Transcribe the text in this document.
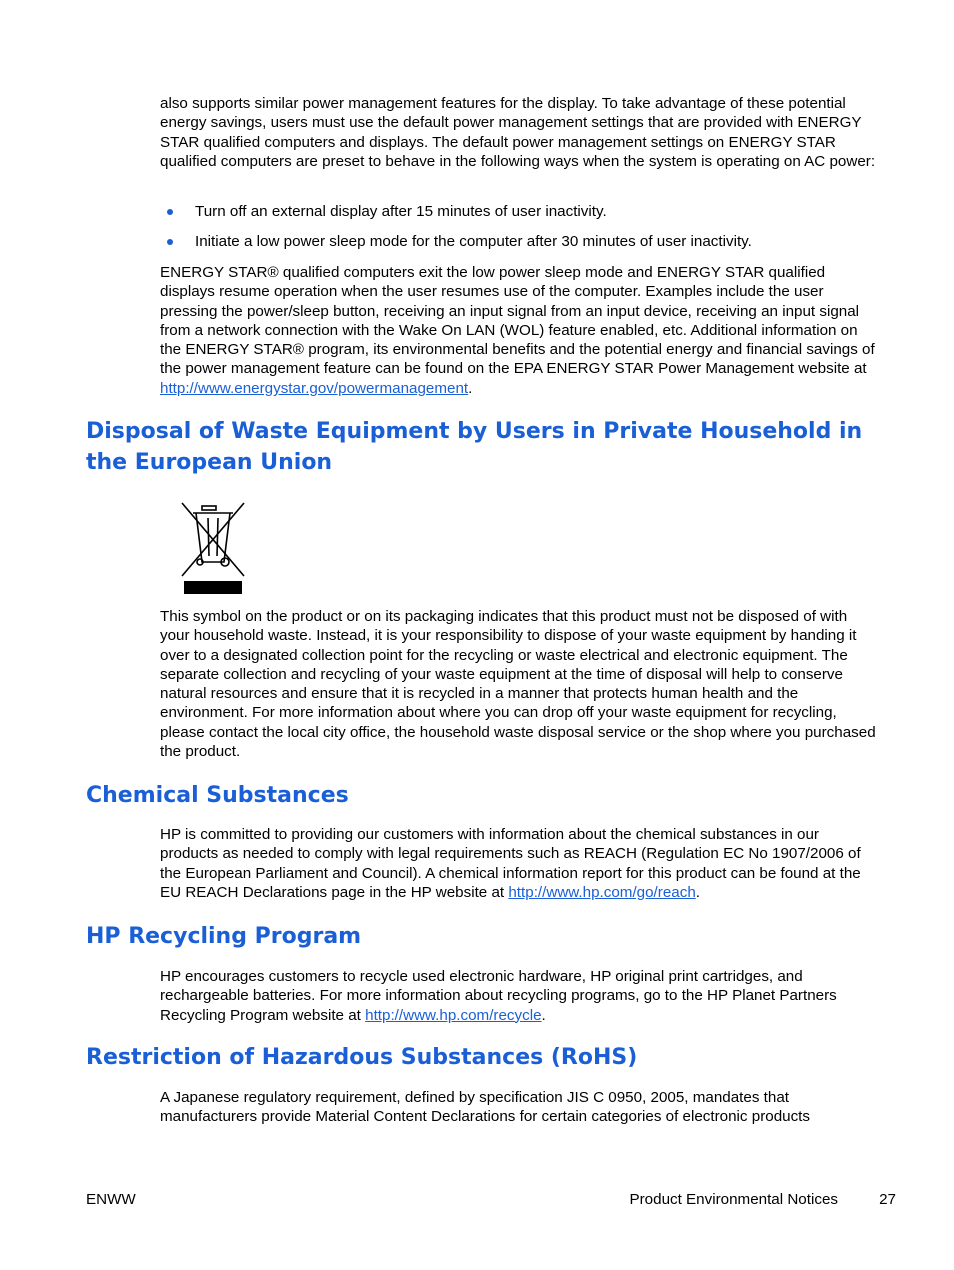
also supports similar power management features for the display. To take advantage of these potential energy savings, users must use the default power management settings that are provided with ENERGY STAR qualified computers and displays. The default power management settings on ENERGY STAR qualified computers are preset to behave in the following ways when the system is operating on AC power:

Turn off an external display after 15 minutes of user inactivity.
Initiate a low power sleep mode for the computer after 30 minutes of user inactivity.

ENERGY STAR® qualified computers exit the low power sleep mode and ENERGY STAR qualified displays resume operation when the user resumes use of the computer. Examples include the user pressing the power/sleep button, receiving an input signal from an input device, receiving an input signal from a network connection with the Wake On LAN (WOL) feature enabled, etc. Additional information on the ENERGY STAR® program, its environmental benefits and the potential energy and financial savings of the power management feature can be found on the EPA ENERGY STAR Power Management website at http://www.energystar.gov/powermanagement.

Disposal of Waste Equipment by Users in Private Household in the European Union

This symbol on the product or on its packaging indicates that this product must not be disposed of with your household waste. Instead, it is your responsibility to dispose of your waste equipment by handing it over to a designated collection point for the recycling or waste electrical and electronic equipment. The separate collection and recycling of your waste equipment at the time of disposal will help to conserve natural resources and ensure that it is recycled in a manner that protects human health and the environment. For more information about where you can drop off your waste equipment for recycling, please contact the local city office, the household waste disposal service or the shop where you purchased the product.

Chemical Substances

HP is committed to providing our customers with information about the chemical substances in our products as needed to comply with legal requirements such as REACH (Regulation EC No 1907/2006 of the European Parliament and Council). A chemical information report for this product can be found at the EU REACH Declarations page in the HP website at http://www.hp.com/go/reach.

HP Recycling Program

HP encourages customers to recycle used electronic hardware, HP original print cartridges, and rechargeable batteries. For more information about recycling programs, go to the HP Planet Partners Recycling Program website at http://www.hp.com/recycle.

Restriction of Hazardous Substances (RoHS)

A Japanese regulatory requirement, defined by specification JIS C 0950, 2005, mandates that manufacturers provide Material Content Declarations for certain categories of electronic products

ENWW	Product Environmental Notices	27
